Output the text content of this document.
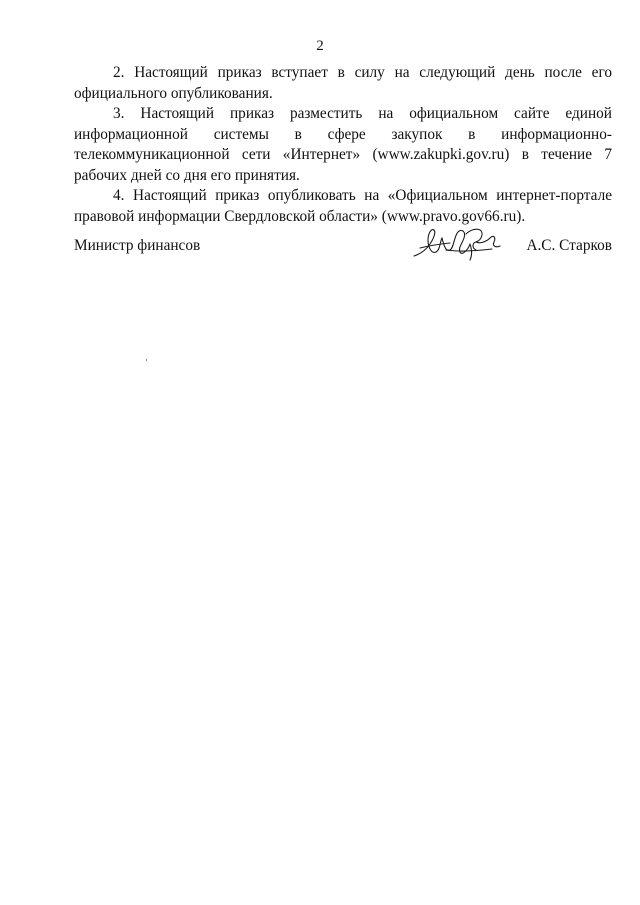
2

2. Настоящий приказ вступает в силу на следующий день после его официального опубликования.

3. Настоящий приказ разместить на официальном сайте единой информационной системы в сфере закупок в информационно-телекоммуникационной сети «Интернет» (www.zakupki.gov.ru) в течение 7 рабочих дней со дня его принятия.

4. Настоящий приказ опубликовать на «Официальном интернет-портале правовой информации Свердловской области» (www.pravo.gov66.ru).

Министр финансов	А.С. Старков
